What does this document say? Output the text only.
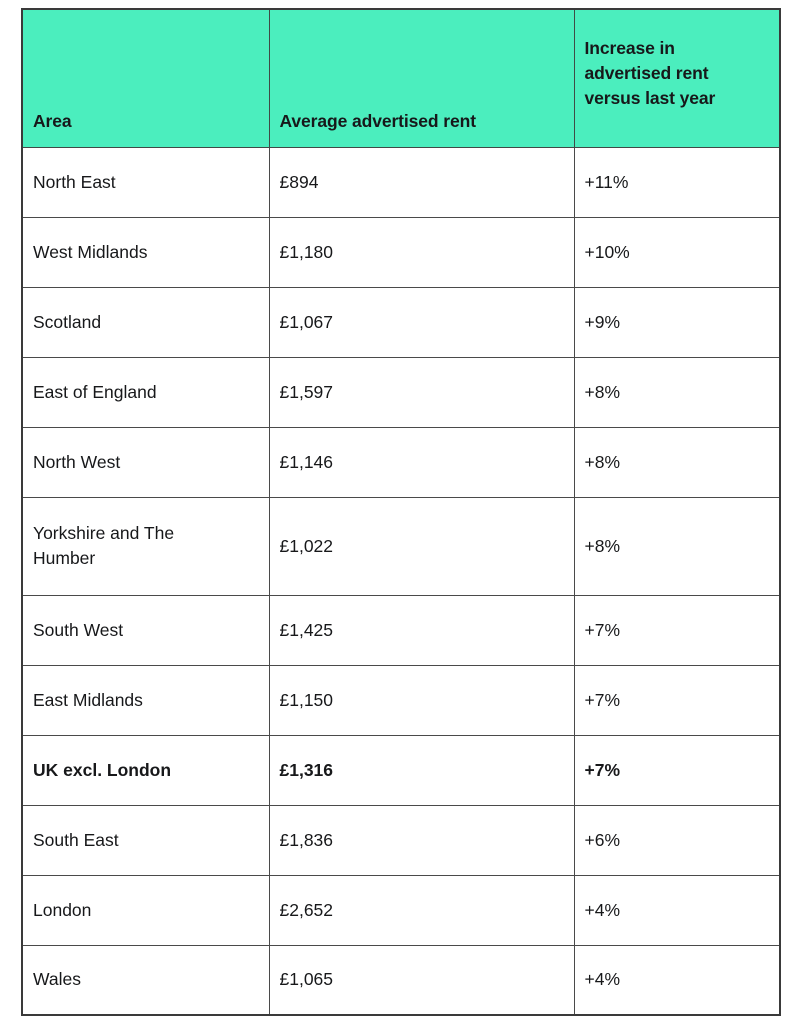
Area	Average advertised rent	Increase in
advertised rent
versus last year

North East	£894	+11%

West Midlands	£1,180	+10%

Scotland	£1,067	+9%

East of England	£1,597	+8%

North West	£1,146	+8%

Yorkshire and The
Humber	£1,022	+8%

South West	£1,425	+7%

East Midlands	£1,150	+7%

UK excl. London	£1,316	+7%

South East	£1,836	+6%

London	£2,652	+4%

Wales	£1,065	+4%
